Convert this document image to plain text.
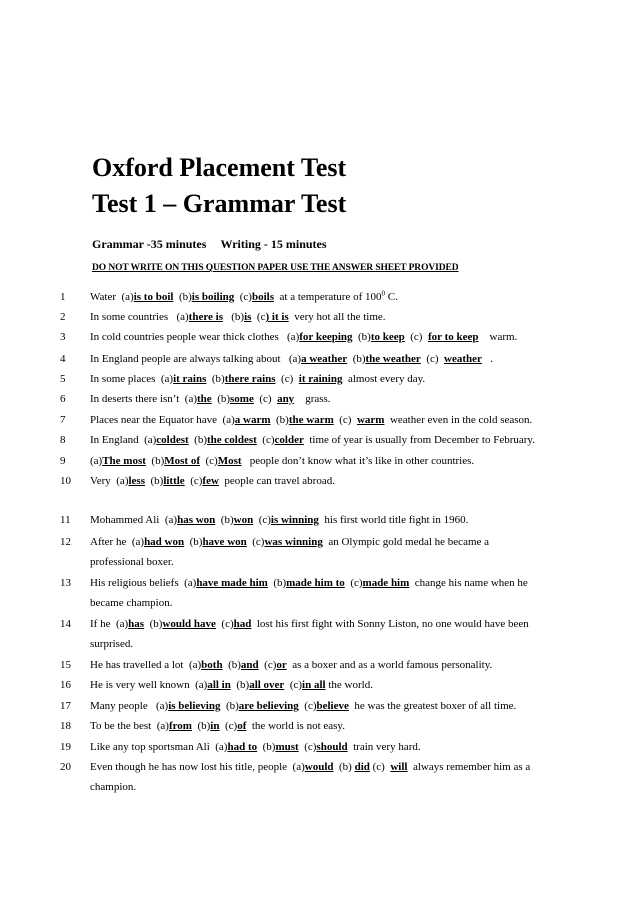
Oxford Placement Test
Test 1 – Grammar Test
Grammar -35 minutes Writing - 15 minutes
DO NOT WRITE ON THIS QUESTION PAPER USE THE ANSWER SHEET PROVIDED
1 Water  (a)is to boil  (b)is boiling  (c)boils  at a temperature of $100^0$ C.
2 In some countries   (a)there is   (b)is  (c) it is  very hot all the time.
3 In cold countries people wear thick clothes   (a)for keeping  (b)to keep  (c)  for to keep    warm.
4 In England people are always talking about   (a)a weather  (b)the weather  (c)  weather   .
5 In some places  (a)it rains  (b)there rains  (c)  it raining  almost every day.
6 In deserts there isn’t  (a)the  (b)some  (c)  any    grass.
7 Places near the Equator have  (a)a warm  (b)the warm  (c)  warm  weather even in the cold season.
8 In England  (a)coldest  (b)the coldest  (c)colder  time of year is usually from December to February.
9 (a)The most  (b)Most of  (c)Most   people don’t know what it’s like in other countries.
10 Very  (a)less  (b)little  (c)few  people can travel abroad.
11 Mohammed Ali  (a)has won  (b)won  (c)is winning  his first world title fight in 1960.
12 After he  (a)had won  (b)have won  (c)was winning  an Olympic gold medal he became a
professional boxer.
13 His religious beliefs  (a)have made him  (b)made him to  (c)made him  change his name when he
became champion.
14 If he  (a)has  (b)would have  (c)had  lost his first fight with Sonny Liston, no one would have been
surprised.
15 He has travelled a lot  (a)both  (b)and  (c)or  as a boxer and as a world famous personality.
16 He is very well known  (a)all in  (b)all over  (c)in all the world.
17 Many people   (a)is believing  (b)are believing  (c)believe  he was the greatest boxer of all time.
18 To be the best  (a)from  (b)in  (c)of  the world is not easy.
19 Like any top sportsman Ali  (a)had to  (b)must  (c)should  train very hard.
20 Even though he has now lost his title, people  (a)would  (b) did (c)  will  always remember him as a
champion.
